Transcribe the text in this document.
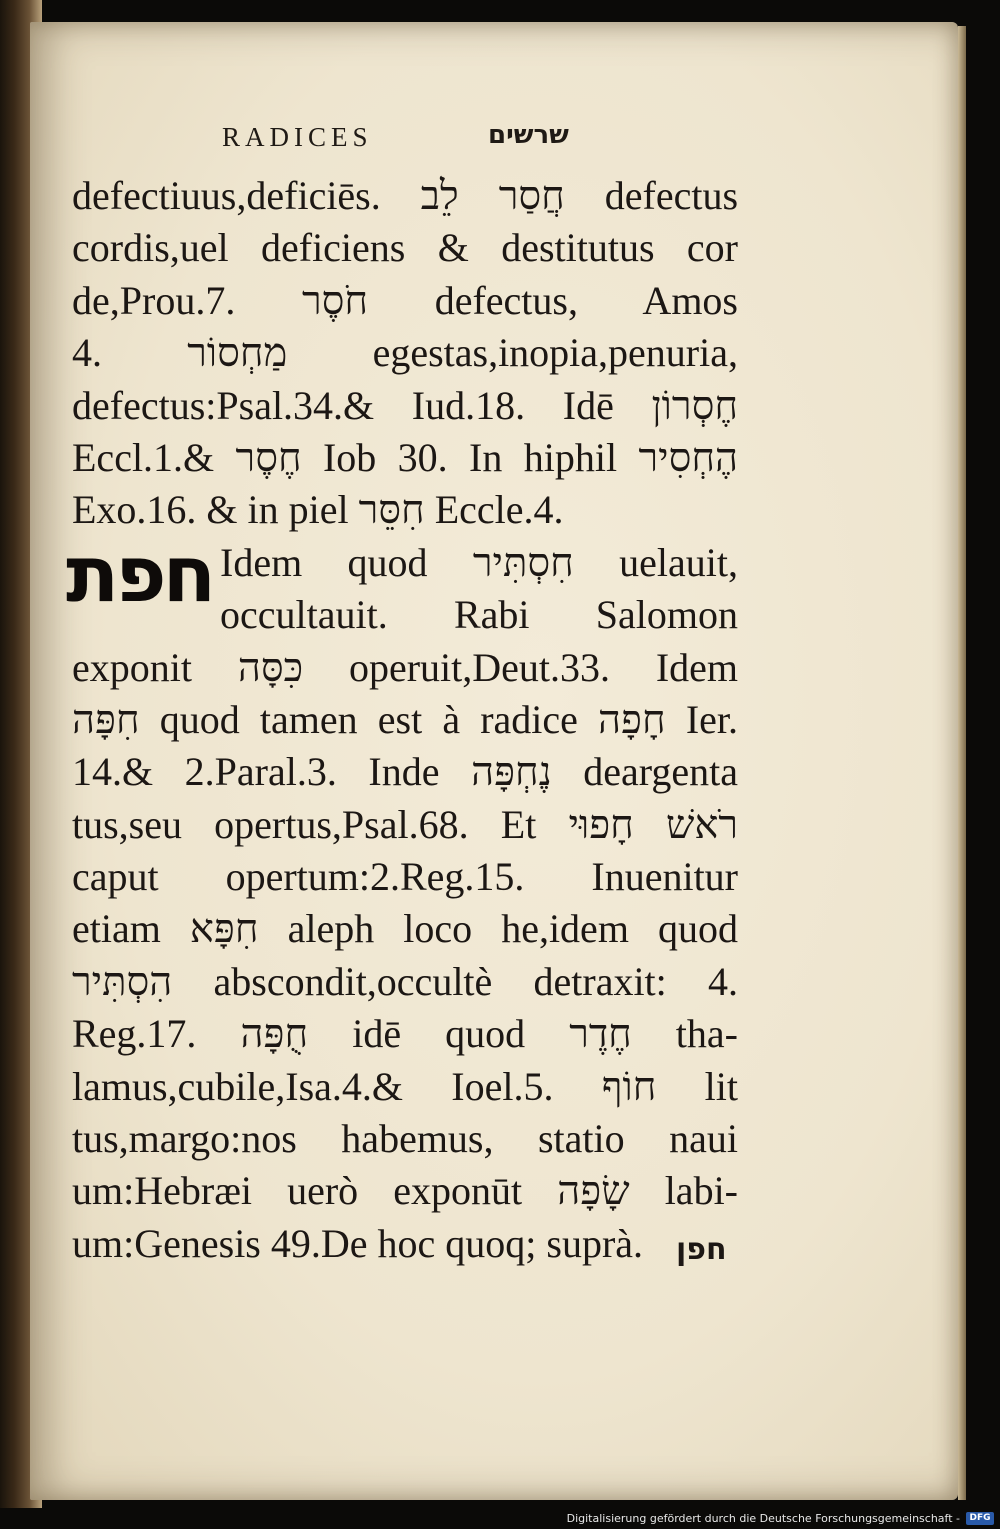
RADICES	שרשים
defectiuus,deficiēs. חֲסַר לֵב defectus
cordis,uel deficiens & destitutus cor
de,Prou.7. חֹסֶר defectus, Amos
4. מַחְסוֹר egestas,inopia,penuria,
defectus:Psal.34.& Iud.18. Idē חֶסְרוֹן
Eccl.1.& חֶסֶר Iob 30. In hiphil הֶחְסִיר
Exo.16. & in piel חִסֵּר Eccle.4.
חפת Idem quod חִסְתִּיר uelauit,
occultauit. Rabi Salomon
exponit כִּסָּה operuit,Deut.33. Idem
חִפָּה quod tamen est à radice חָפָה Ier.
14.& 2.Paral.3. Inde נֶחְפָּה deargenta
tus,seu opertus,Psal.68. Et רֹאשׁ חָפוּי
caput opertum:2.Reg.15. Inuenitur
etiam חִפָּא aleph loco he,idem quod
הִסְתִּיר abscondit,occultè detraxit: 4.
Reg.17. חֻפָּה idē quod חֶדֶר tha-
lamus,cubile,Isa.4.& Ioel.5. חוֹף lit
tus,margo:nos habemus, statio naui
um:Hebræi uerò exponūt שָׂפָה labi-
um:Genesis 49.De hoc quoq; suprà.	חפן
Digitalisierung gefördert durch die Deutsche Forschungsgemeinschaft -	DFG
